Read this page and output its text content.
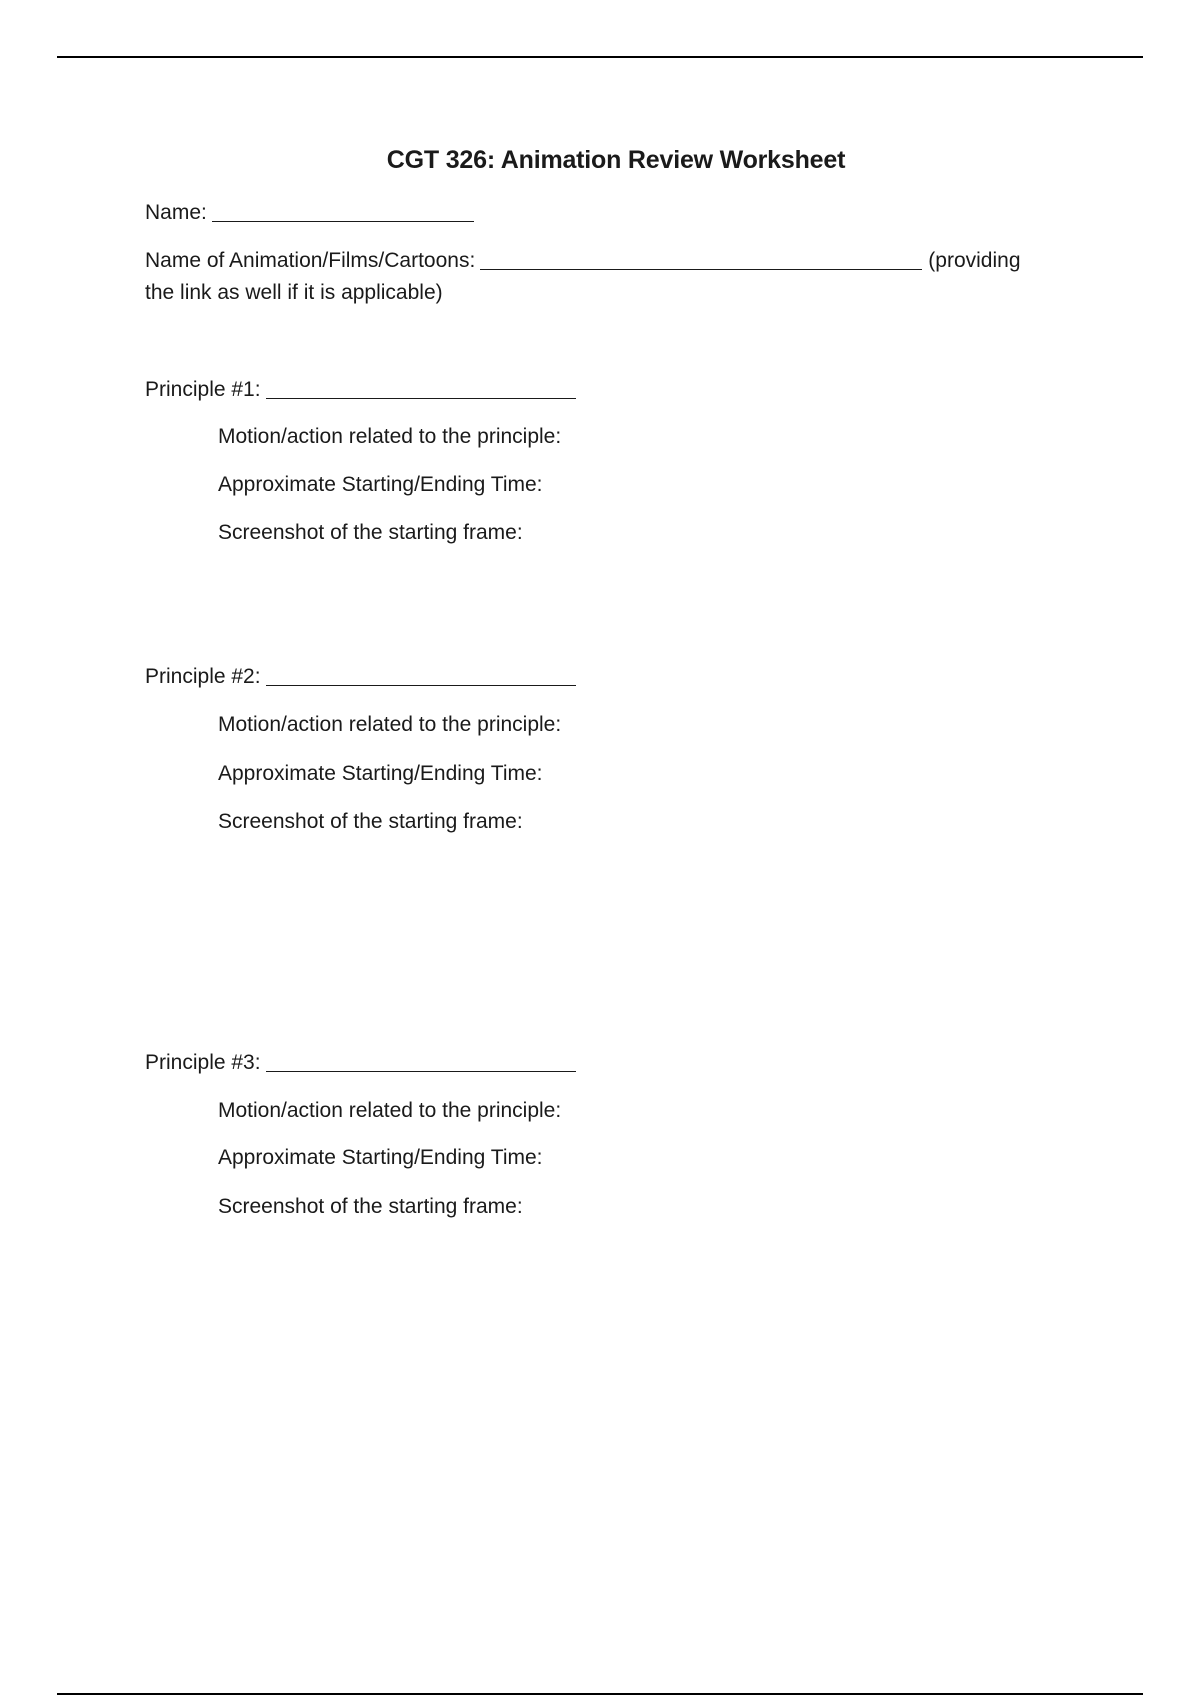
CGT 326: Animation Review Worksheet
Name:
Name of Animation/Films/Cartoons:	(providing
the link as well if it is applicable)
Principle #1:
Motion/action related to the principle:
Approximate Starting/Ending Time:
Screenshot of the starting frame:
Principle #2:
Motion/action related to the principle:
Approximate Starting/Ending Time:
Screenshot of the starting frame:
Principle #3:
Motion/action related to the principle:
Approximate Starting/Ending Time:
Screenshot of the starting frame:
